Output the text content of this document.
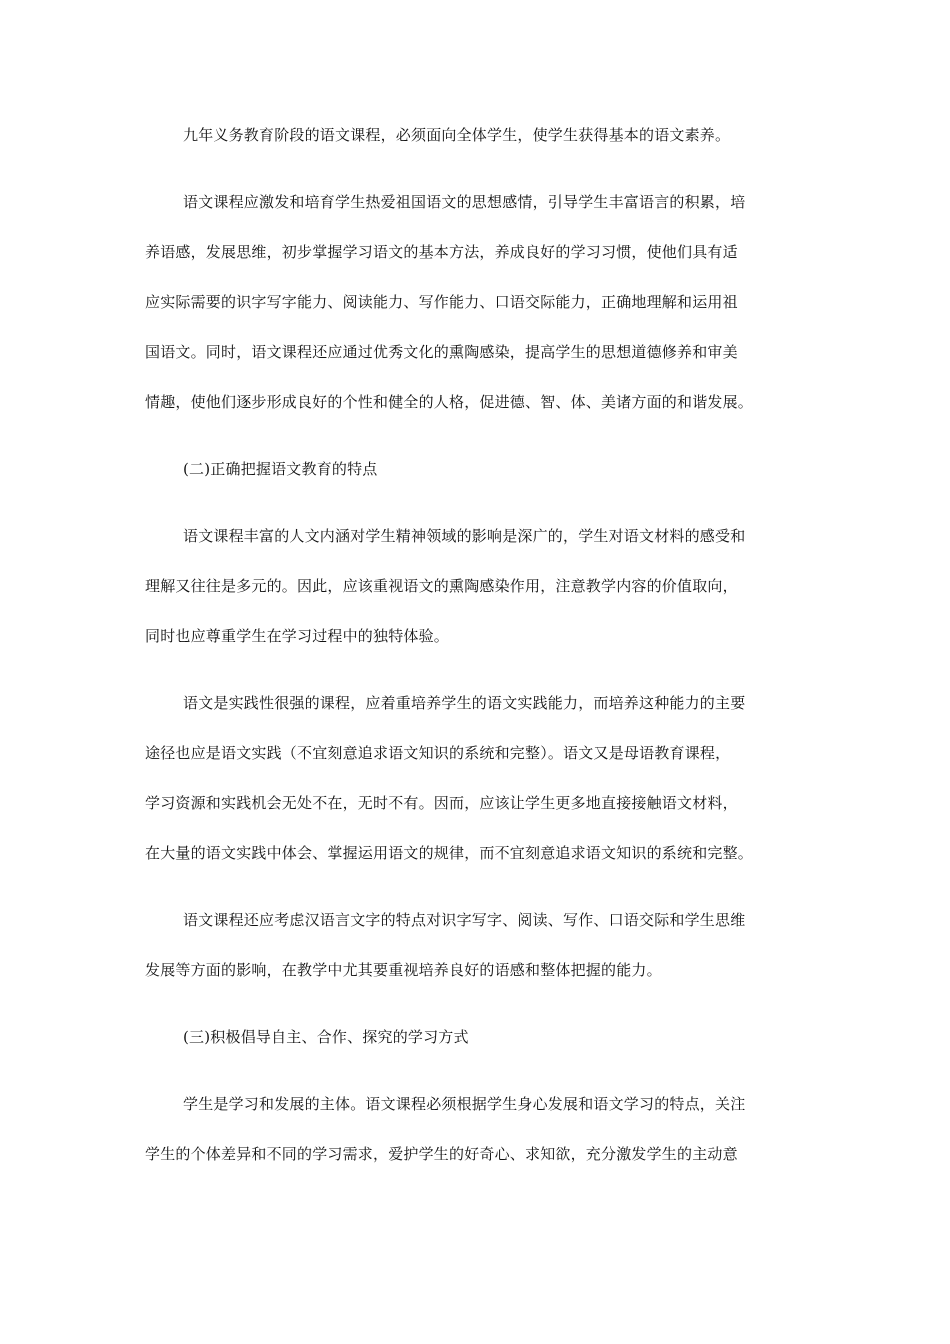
九年义务教育阶段的语文课程，必须面向全体学生，使学生获得基本的语文素养。
语文课程应激发和培育学生热爱祖国语文的思想感情，引导学生丰富语言的积累，培
养语感，发展思维，初步掌握学习语文的基本方法，养成良好的学习习惯，使他们具有适
应实际需要的识字写字能力、阅读能力、写作能力、口语交际能力，正确地理解和运用祖
国语文。同时，语文课程还应通过优秀文化的熏陶感染，提高学生的思想道德修养和审美
情趣，使他们逐步形成良好的个性和健全的人格，促进德、智、体、美诸方面的和谐发展。
(二)正确把握语文教育的特点
语文课程丰富的人文内涵对学生精神领域的影响是深广的，学生对语文材料的感受和
理解又往往是多元的。因此，应该重视语文的熏陶感染作用，注意教学内容的价值取向，
同时也应尊重学生在学习过程中的独特体验。
语文是实践性很强的课程，应着重培养学生的语文实践能力，而培养这种能力的主要
途径也应是语文实践（不宜刻意追求语文知识的系统和完整）。语文又是母语教育课程，
学习资源和实践机会无处不在，无时不有。因而，应该让学生更多地直接接触语文材料，
在大量的语文实践中体会、掌握运用语文的规律，而不宜刻意追求语文知识的系统和完整。
语文课程还应考虑汉语言文字的特点对识字写字、阅读、写作、口语交际和学生思维
发展等方面的影响，在教学中尤其要重视培养良好的语感和整体把握的能力。
(三)积极倡导自主、合作、探究的学习方式
学生是学习和发展的主体。语文课程必须根据学生身心发展和语文学习的特点，关注
学生的个体差异和不同的学习需求，爱护学生的好奇心、求知欲，充分激发学生的主动意
